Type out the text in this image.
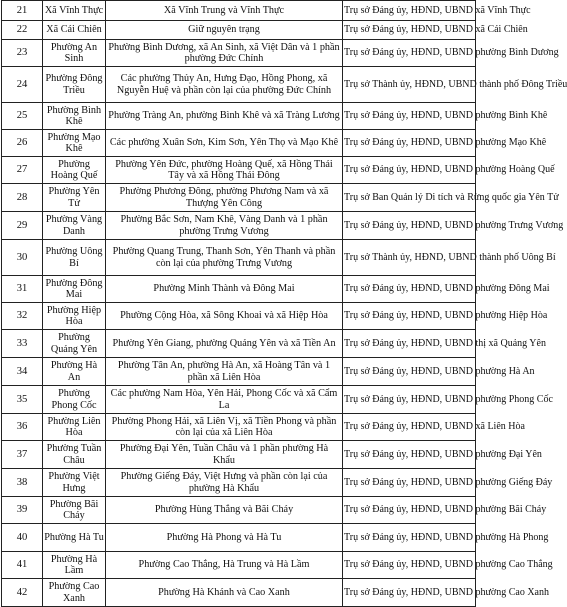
21	Xã Vĩnh Thực	Xã Vĩnh Trung và Vĩnh Thực	Trụ sở Đảng ủy, HĐND, UBND xã Vĩnh Thực
22	Xã Cái Chiên	Giữ nguyên trạng	Trụ sở Đảng ủy, HĐND, UBND xã Cái Chiên
23	Phường An Sinh	Phường Bình Dương, xã An Sinh, xã Việt Dân và 1 phần phường Đức Chính	Trụ sở Đảng ủy, HĐND, UBND phường Bình Dương
24	Phường Đông Triều	Các phường Thủy An, Hưng Đạo, Hồng Phong, xã Nguyễn Huệ và phần còn lại của phường Đức Chính	Trụ sở Thành ủy, HĐND, UBND thành phố Đông Triều
25	Phường Bình Khê	Phường Tràng An, phường Bình Khê và xã Tràng Lương	Trụ sở Đảng ủy, HĐND, UBND phường Bình Khê
26	Phường Mạo Khê	Các phường Xuân Sơn, Kim Sơn, Yên Thọ và Mạo Khê	Trụ sở Đảng ủy, HĐND, UBND phường Mạo Khê
27	Phường Hoàng Quế	Phường Yên Đức, phường Hoàng Quế, xã Hồng Thái Tây và xã Hồng Thái Đông	Trụ sở Đảng ủy, HĐND, UBND phường Hoàng Quế
28	Phường Yên Tử	Phường Phương Đông, phường Phương Nam và xã Thượng Yên Công	Trụ sở Ban Quản lý Di tích và Rừng quốc gia Yên Tử
29	Phường Vàng Danh	Phường Bắc Sơn, Nam Khê, Vàng Danh và 1 phần phường Trưng Vương	Trụ sở Đảng ủy, HĐND, UBND phường Trưng Vương
30	Phường Uông Bí	Phường Quang Trung, Thanh Sơn, Yên Thanh và phần còn lại của phường Trưng Vương	Trụ sở Thành ủy, HĐND, UBND thành phố Uông Bí
31	Phường Đông Mai	Phường Minh Thành và Đông Mai	Trụ sở Đảng ủy, HĐND, UBND phường Đông Mai
32	Phường Hiệp Hòa	Phường Cộng Hòa, xã Sông Khoai và xã Hiệp Hòa	Trụ sở Đảng ủy, HĐND, UBND phường Hiệp Hòa
33	Phường Quảng Yên	Phường Yên Giang, phường Quảng Yên và xã Tiền An	Trụ sở Đảng ủy, HĐND, UBND thị xã Quảng Yên
34	Phường Hà An	Phường Tân An, phường Hà An, xã Hoàng Tân và 1 phần xã Liên Hòa	Trụ sở Đảng ủy, HĐND, UBND phường Hà An
35	Phường Phong Cốc	Các phường Nam Hòa, Yên Hải, Phong Cốc và xã Cẩm La	Trụ sở Đảng ủy, HĐND, UBND phường Phong Cốc
36	Phường Liên Hòa	Phường Phong Hải, xã Liên Vị, xã Tiền Phong và phần còn lại của xã Liên Hòa	Trụ sở Đảng ủy, HĐND, UBND xã Liên Hòa
37	Phường Tuần Châu	Phường Đại Yên, Tuần Châu và 1 phần phường Hà Khẩu	Trụ sở Đảng ủy, HĐND, UBND phường Đại Yên
38	Phường Việt Hưng	Phường Giếng Đáy, Việt Hưng và phần còn lại của phường Hà Khẩu	Trụ sở Đảng ủy, HĐND, UBND phường Giếng Đáy
39	Phường Bãi Cháy	Phường Hùng Thắng và Bãi Cháy	Trụ sở Đảng ủy, HĐND, UBND phường Bãi Cháy
40	Phường Hà Tu	Phường Hà Phong và Hà Tu	Trụ sở Đảng ủy, HĐND, UBND phường Hà Phong
41	Phường Hà Lầm	Phường Cao Thắng, Hà Trung và Hà Lầm	Trụ sở Đảng ủy, HĐND, UBND phường Cao Thắng
42	Phường Cao Xanh	Phường Hà Khánh và Cao Xanh	Trụ sở Đảng ủy, HĐND, UBND phường Cao Xanh
